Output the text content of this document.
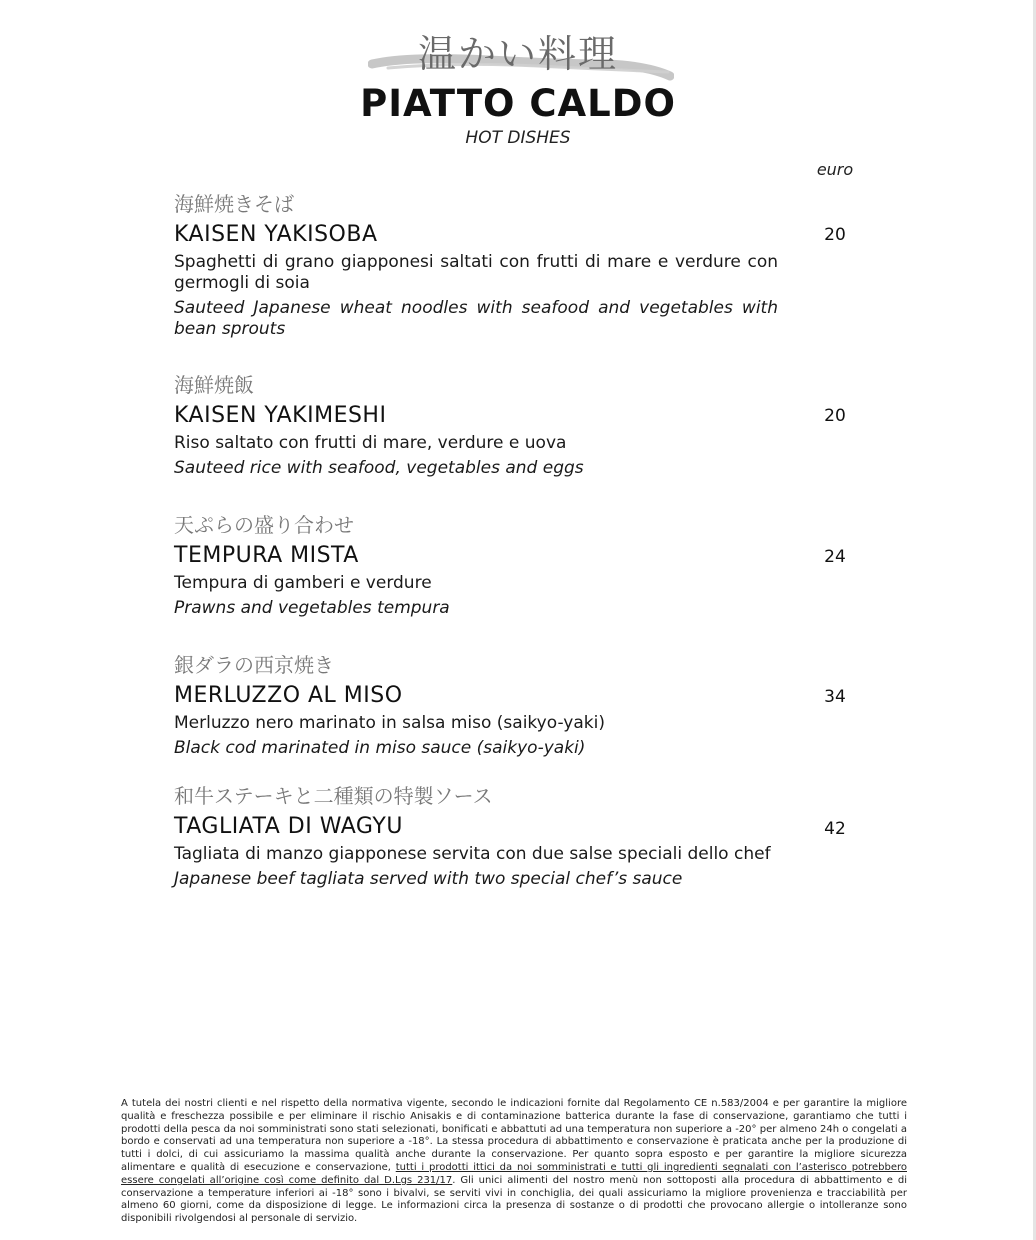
温かい料理
PIATTO CALDO
HOT DISHES
euro
海鮮焼きそば
KAISEN YAKISOBA
Spaghetti di grano giapponesi saltati con frutti di mare e verdure con germogli di soia
Sauteed Japanese wheat noodles with seafood and vegetables with bean sprouts
20
海鮮焼飯
KAISEN YAKIMESHI
Riso saltato con frutti di mare, verdure e uova
Sauteed rice with seafood, vegetables and eggs
20
天ぷらの盛り合わせ
TEMPURA MISTA
Tempura di gamberi e verdure
Prawns and vegetables tempura
24
銀ダラの西京焼き
MERLUZZO AL MISO
Merluzzo nero marinato in salsa miso (saikyo-yaki)
Black cod marinated in miso sauce (saikyo-yaki)
34
和牛ステーキと二種類の特製ソース
TAGLIATA DI WAGYU
Tagliata di manzo giapponese servita con due salse speciali dello chef
Japanese beef tagliata served with two special chef’s sauce
42
A tutela dei nostri clienti e nel rispetto della normativa vigente, secondo le indicazioni fornite dal Regolamento CE n.583/2004 e per garantire la migliore qualità e freschezza possibile e per eliminare il rischio Anisakis e di contaminazione batterica durante la fase di conservazione, garantiamo che tutti i prodotti della pesca da noi somministrati sono stati selezionati, bonificati e abbattuti ad una temperatura non superiore a -20° per almeno 24h o congelati a bordo e conservati ad una temperatura non superiore a -18°. La stessa procedura di abbattimento e conservazione è praticata anche per la produzione di tutti i dolci, di cui assicuriamo la massima qualità anche durante la conservazione. Per quanto sopra esposto e per garantire la migliore sicurezza alimentare e qualità di esecuzione e conservazione, tutti i prodotti ittici da noi somministrati e tutti gli ingredienti segnalati con l’asterisco potrebbero essere congelati all’origine così come definito dal D.Lgs 231/17. Gli unici alimenti del nostro menù non sottoposti alla procedura di abbattimento e di conservazione a temperature inferiori ai -18° sono i bivalvi, se serviti vivi in conchiglia, dei quali assicuriamo la migliore provenienza e tracciabilità per almeno 60 giorni, come da disposizione di legge. Le informazioni circa la presenza di sostanze o di prodotti che provocano allergie o intolleranze sono disponibili rivolgendosi al personale di servizio.
